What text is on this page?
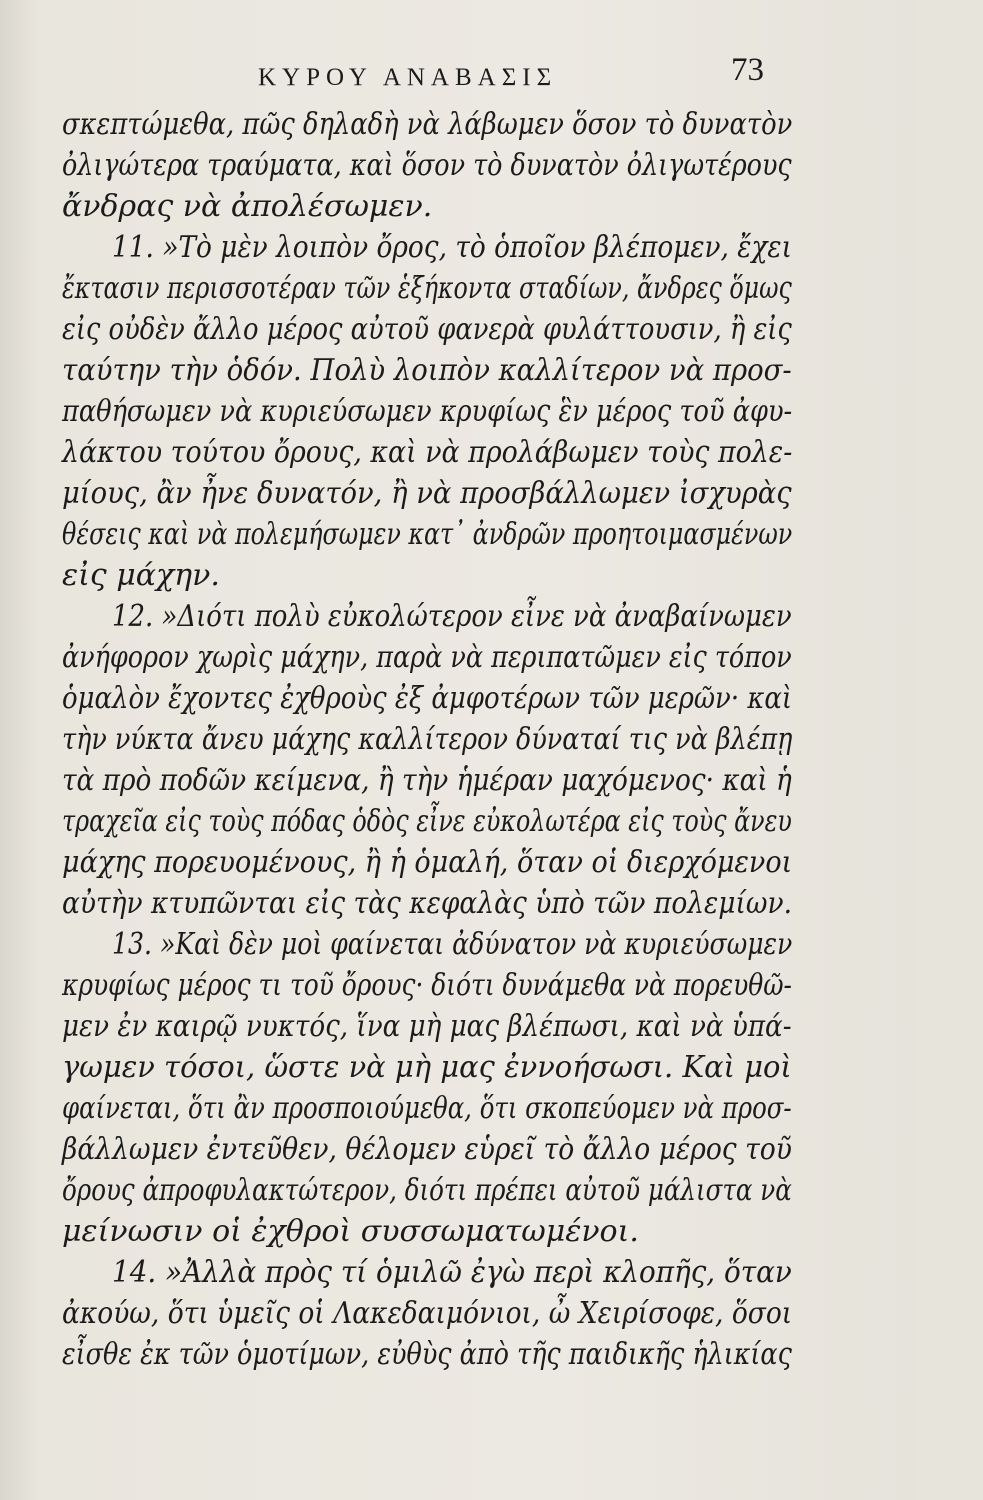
ΚΥΡΟΥ ΑΝΑΒΑΣΙΣ	73
σκεπτώμεθα, πῶς δηλαδὴ νὰ λάβωμεν ὅσον τὸ δυνατὸν
ὀλιγώτερα τραύματα, καὶ ὅσον τὸ δυνατὸν ὀλιγωτέρους
ἄνδρας νὰ ἀπολέσωμεν.
11. »Τὸ μὲν λοιπὸν ὄρος, τὸ ὁποῖον βλέπομεν, ἔχει
ἔκτασιν περισσοτέραν τῶν ἑξήκοντα σταδίων, ἄνδρες ὅμως
εἰς οὐδὲν ἄλλο μέρος αὐτοῦ φανερὰ φυλάττουσιν, ἢ εἰς
ταύτην τὴν ὁδόν. Πολὺ λοιπὸν καλλίτερον νὰ προσ-
παθήσωμεν νὰ κυριεύσωμεν κρυφίως ἓν μέρος τοῦ ἀφυ-
λάκτου τούτου ὄρους, καὶ νὰ προλάβωμεν τοὺς πολε-
μίους, ἂν ἦνε δυνατόν, ἢ νὰ προσβάλλωμεν ἰσχυρὰς
θέσεις καὶ νὰ πολεμήσωμεν κατ᾽ ἀνδρῶν προητοιμασμένων
εἰς μάχην.
12. »Διότι πολὺ εὐκολώτερον εἶνε νὰ ἀναβαίνωμεν
ἀνήφορον χωρὶς μάχην, παρὰ νὰ περιπατῶμεν εἰς τόπον
ὁμαλὸν ἔχοντες ἐχθροὺς ἐξ ἀμφοτέρων τῶν μερῶν· καὶ
τὴν νύκτα ἄνευ μάχης καλλίτερον δύναταί τις νὰ βλέπῃ
τὰ πρὸ ποδῶν κείμενα, ἢ τὴν ἡμέραν μαχόμενος· καὶ ἡ
τραχεῖα εἰς τοὺς πόδας ὁδὸς εἶνε εὐκολωτέρα εἰς τοὺς ἄνευ
μάχης πορευομένους, ἢ ἡ ὁμαλή, ὅταν οἱ διερχόμενοι
αὐτὴν κτυπῶνται εἰς τὰς κεφαλὰς ὑπὸ τῶν πολεμίων.
13. »Καὶ δὲν μοὶ φαίνεται ἀδύνατον νὰ κυριεύσωμεν
κρυφίως μέρος τι τοῦ ὄρους· διότι δυνάμεθα νὰ πορευθῶ-
μεν ἐν καιρῷ νυκτός, ἵνα μὴ μας βλέπωσι, καὶ νὰ ὑπά-
γωμεν τόσοι, ὥστε νὰ μὴ μας ἐννοήσωσι. Καὶ μοὶ
φαίνεται, ὅτι ἂν προσποιούμεθα, ὅτι σκοπεύομεν νὰ προσ-
βάλλωμεν ἐντεῦθεν, θέλομεν εὑρεῖ τὸ ἄλλο μέρος τοῦ
ὄρους ἀπροφυλακτώτερον, διότι πρέπει αὐτοῦ μάλιστα νὰ
μείνωσιν οἱ ἐχθροὶ συσσωματωμένοι.
14. »Ἀλλὰ πρὸς τί ὁμιλῶ ἐγὼ περὶ κλοπῆς, ὅταν
ἀκούω, ὅτι ὑμεῖς οἱ Λακεδαιμόνιοι, ὦ Χειρίσοφε, ὅσοι
εἶσθε ἐκ τῶν ὁμοτίμων, εὐθὺς ἀπὸ τῆς παιδικῆς ἡλικίας
